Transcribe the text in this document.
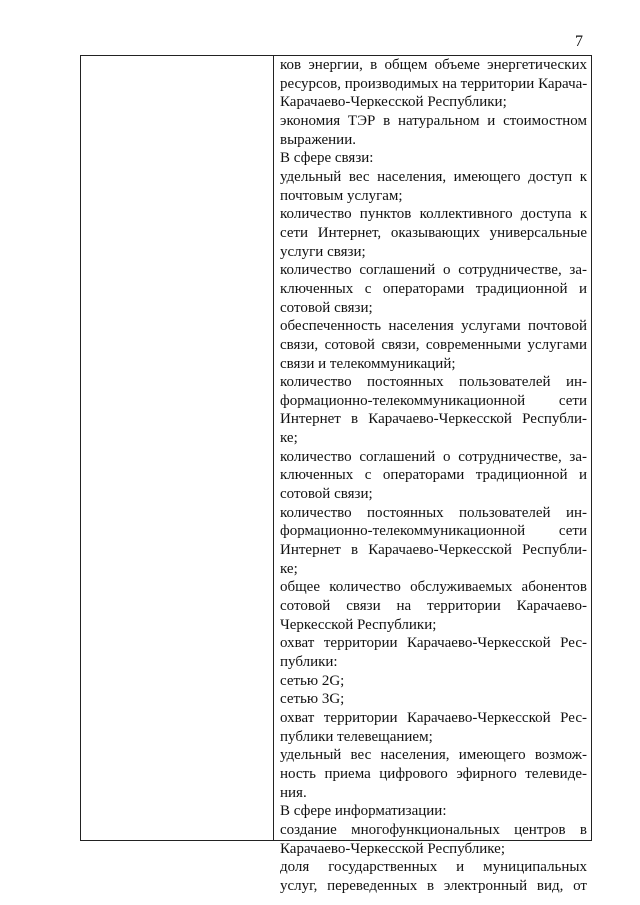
7
ков энергии, в общем объеме энергетических
ресурсов, производимых на территории Карача-
Карачаево-Черкесской Республики;
экономия ТЭР в натуральном и стоимостном
выражении.
В сфере связи:
удельный вес населения, имеющего доступ к
почтовым услугам;
количество пунктов коллективного доступа к
сети Интернет, оказывающих универсальные
услуги связи;
количество соглашений о сотрудничестве, за-
ключенных с операторами традиционной и
сотовой связи;
обеспеченность населения услугами почтовой
связи, сотовой связи, современными услугами
связи и телекоммуникаций;
количество постоянных пользователей ин-
формационно-телекоммуникационной сети
Интернет в Карачаево-Черкесской Республи-
ке;
количество соглашений о сотрудничестве, за-
ключенных с операторами традиционной и
сотовой связи;
количество постоянных пользователей ин-
формационно-телекоммуникационной сети
Интернет в Карачаево-Черкесской Республи-
ке;
общее количество обслуживаемых абонентов
сотовой связи на территории Карачаево-
Черкесской Республики;
охват территории Карачаево-Черкесской Рес-
публики:
сетью 2G;
сетью 3G;
охват территории Карачаево-Черкесской Рес-
публики телевещанием;
удельный вес населения, имеющего возмож-
ность приема цифрового эфирного телевиде-
ния.
В сфере информатизации:
создание многофункциональных центров в
Карачаево-Черкесской Республике;
доля государственных и муниципальных
услуг, переведенных в электронный вид, от
